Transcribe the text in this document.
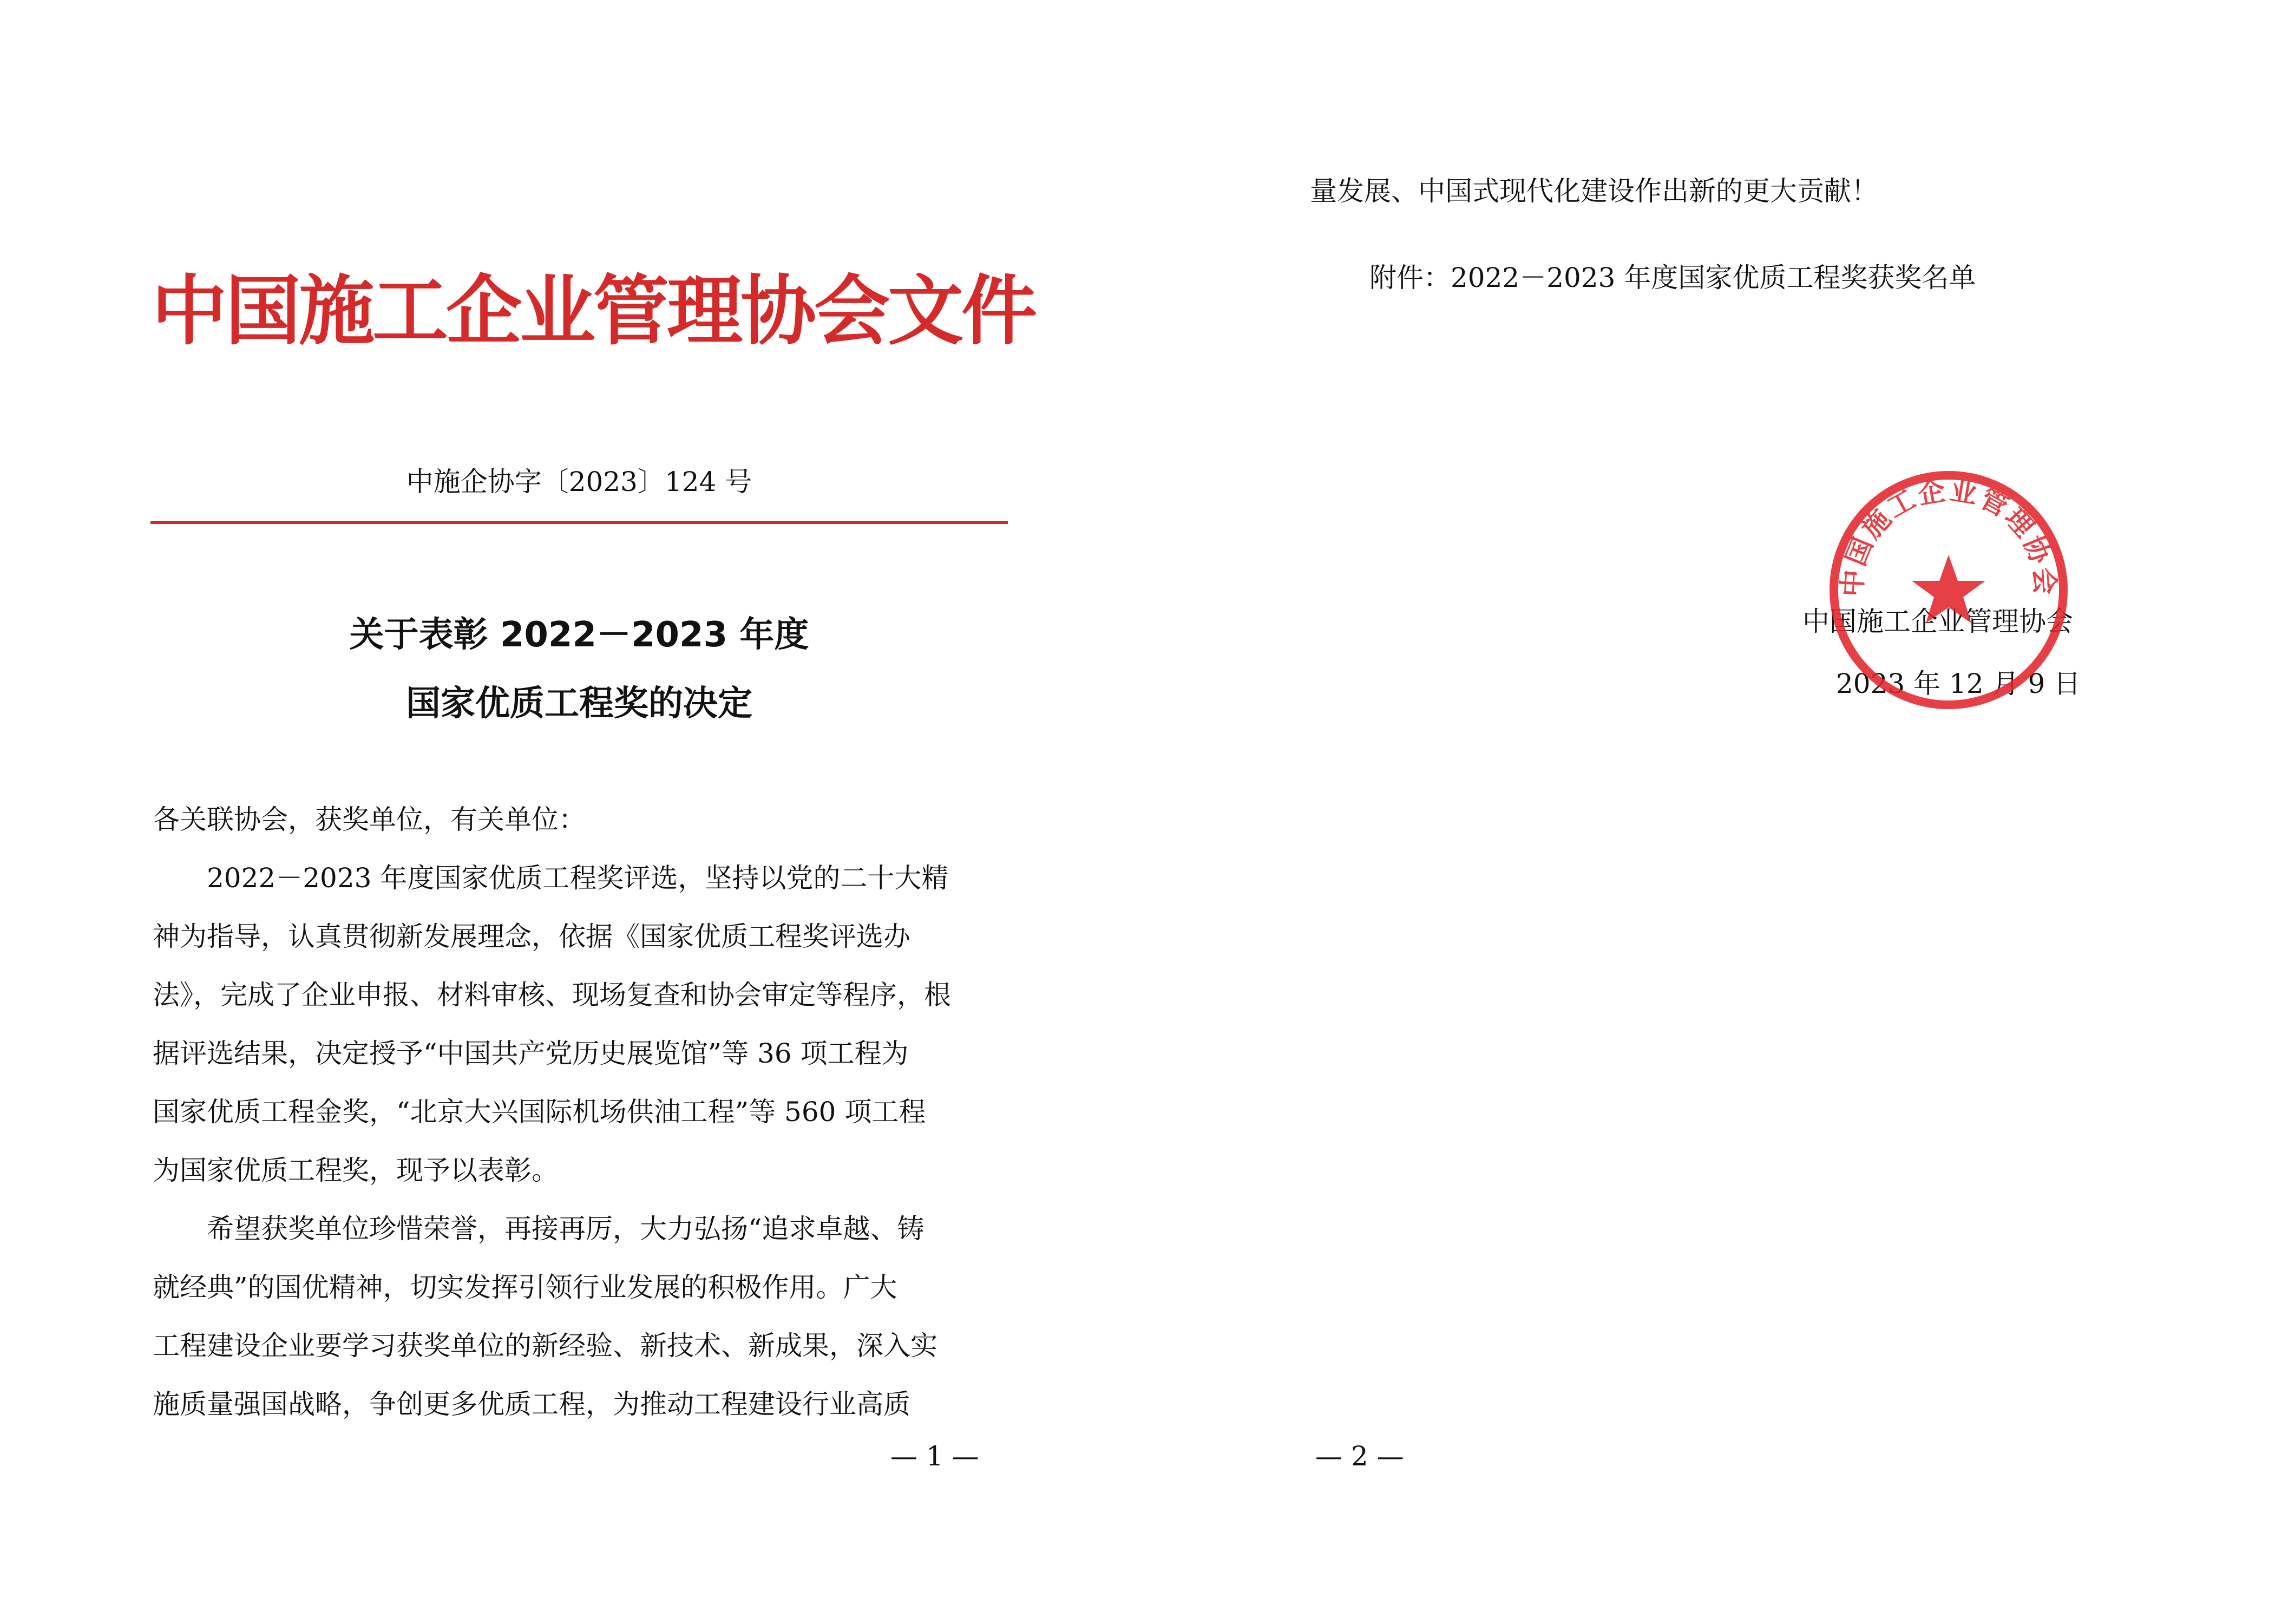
中国施工企业管理协会文件
中施企协字〔2023〕124 号
关于表彰 2022－2023 年度
国家优质工程奖的决定
各关联协会，获奖单位，有关单位：
　　2022－2023 年度国家优质工程奖评选，坚持以党的二十大精
神为指导，认真贯彻新发展理念，依据《国家优质工程奖评选办
法》，完成了企业申报、材料审核、现场复查和协会审定等程序，根
据评选结果，决定授予“中国共产党历史展览馆”等 36 项工程为
国家优质工程金奖，“北京大兴国际机场供油工程”等 560 项工程
为国家优质工程奖，现予以表彰。
　　希望获奖单位珍惜荣誉，再接再厉，大力弘扬“追求卓越、铸
就经典”的国优精神，切实发挥引领行业发展的积极作用。广大
工程建设企业要学习获奖单位的新经验、新技术、新成果，深入实
施质量强国战略，争创更多优质工程，为推动工程建设行业高质
— 1 —
量发展、中国式现代化建设作出新的更大贡献！
附件：2022－2023 年度国家优质工程奖获奖名单
中国施工企业管理协会
2023 年 12 月 9 日
— 2 —
中国施工企业管理协会
